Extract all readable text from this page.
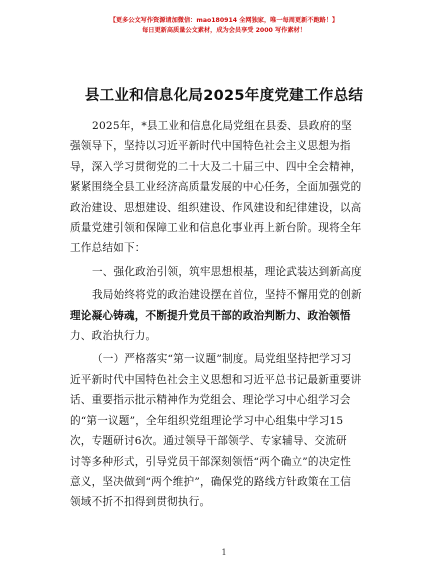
【更多公文写作资源请加微信：mao180914 全网独家，唯一每周更新不跑路！】
每日更新高质量公文素材，成为会员享受 2000 写作素材！
县工业和信息化局2025年度党建工作总结

2025年，*县工业和信息化局党组在县委、县政府的坚
强领导下，坚持以习近平新时代中国特色社会主义思想为指
导，深入学习贯彻党的二十大及二十届三中、四中全会精神，
紧紧围绕全县工业经济高质量发展的中心任务，全面加强党的
政治建设、思想建设、组织建设、作风建设和纪律建设，以高
质量党建引领和保障工业和信息化事业再上新台阶。现将全年
工作总结如下：

一、强化政治引领，筑牢思想根基，理论武装达到新高度

我局始终将党的政治建设摆在首位，坚持不懈用党的创新
理论凝心铸魂，不断提升党员干部的政治判断力、政治领悟
力、政治执行力。

（一）严格落实“第一议题”制度。局党组坚持把学习习
近平新时代中国特色社会主义思想和习近平总书记最新重要讲
话、重要指示批示精神作为党组会、理论学习中心组学习会
的“第一议题”，全年组织党组理论学习中心组集中学习15
次，专题研讨6次。通过领导干部领学、专家辅导、交流研
讨等多种形式，引导党员干部深刻领悟“两个确立”的决定性
意义，坚决做到“两个维护”，确保党的路线方针政策在工信
领域不折不扣得到贯彻执行。

1
